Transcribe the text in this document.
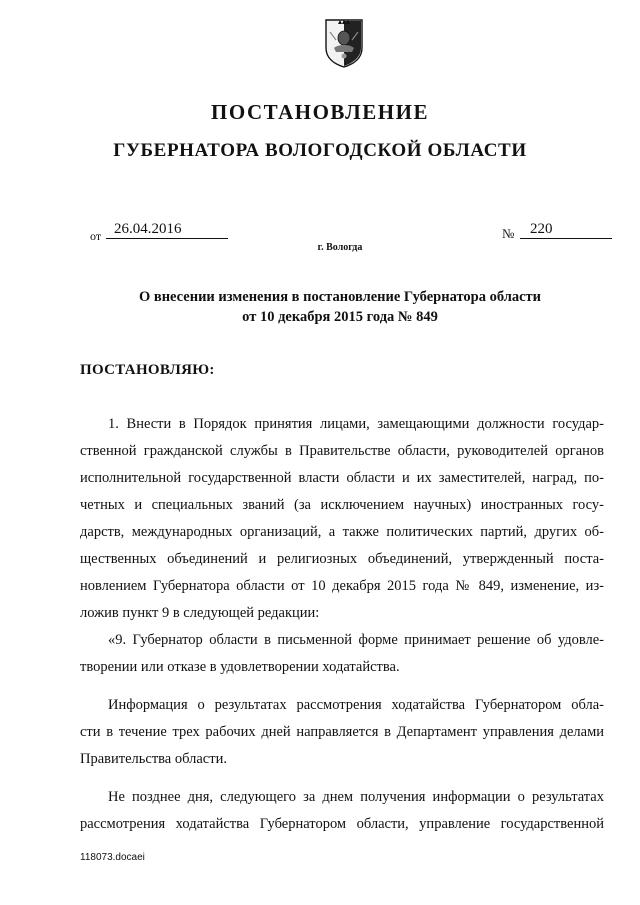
ПОСТАНОВЛЕНИЕ
ГУБЕРНАТОРА ВОЛОГОДСКОЙ ОБЛАСТИ
от 26.04.2016	№	220
г. Вологда
О внесении изменения в постановление Губернатора области
от 10 декабря 2015 года № 849
ПОСТАНОВЛЯЮ:
1. Внести в Порядок принятия лицами, замещающими должности государ-
ственной гражданской службы в Правительстве области, руководителей органов
исполнительной государственной власти области и их заместителей, наград, по-
четных и специальных званий (за исключением научных) иностранных госу-
дарств, международных организаций, а также политических партий, других об-
щественных объединений и религиозных объединений, утвержденный поста-
новлением Губернатора области от 10 декабря 2015 года № 849, изменение, из-
ложив пункт 9 в следующей редакции:
«9. Губернатор области в письменной форме принимает решение об удовле-
творении или отказе в удовлетворении ходатайства.
Информация о результатах рассмотрения ходатайства Губернатором обла-
сти в течение трех рабочих дней направляется в Департамент управления делами
Правительства области.
Не позднее дня, следующего за днем получения информации о результатах
рассмотрения ходатайства Губернатором области, управление государственной
118073.docaei
